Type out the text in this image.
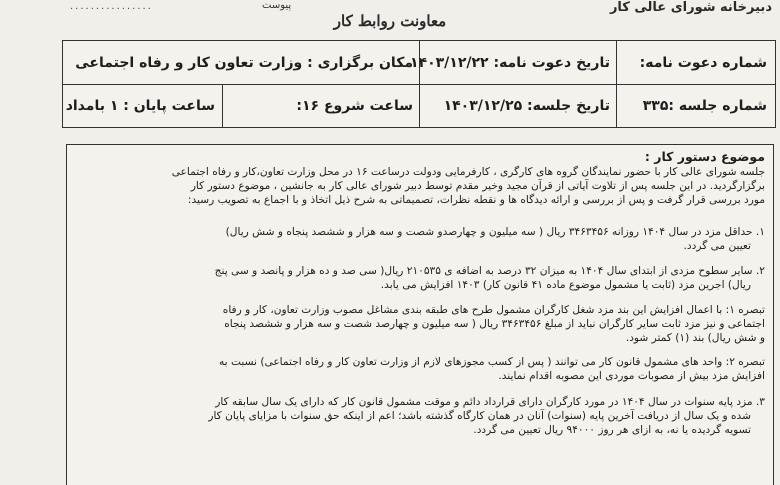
دبیرخانه شورای عالی کار
پیوست
................
معاونت روابط کار
شماره دعوت نامه:
تاریخ دعوت نامه: ۱۴۰۳/۱۲/۲۲
مکان برگزاری : وزارت تعاون کار و رفاه اجتماعی
شماره جلسه :۳۳۵
تاریخ جلسه: ۱۴۰۳/۱۲/۲۵
ساعت شروع ۱۶:
ساعت پایان : ۱ بامداد
موضوع دستور کار :
جلسه شورای عالی کار با حضور نمایندگان گروه های کارگری ، کارفرمایی ودولت درساعت ۱۶ در محل وزارت تعاون،کار و رفاه اجتماعی
برگزارگردید. در این جلسه پس از تلاوت آیاتی از قرآن مجید وخیر مقدم توسط دبیر شورای عالی کار به جانشین ، موضوع دستور کار
مورد بررسی قرار گرفت و پس از بررسی و ارائه دیدگاه ها و نقطه نظرات، تصمیماتی به شرح ذیل اتخاذ و با اجماع به تصویب رسید:
۱. حداقل مزد در سال ۱۴۰۴ روزانه ۳۴۶۳۴۵۶ ریال ( سه میلیون و چهارصدو شصت و سه هزار و ششصد پنجاه و شش ریال)
تعیین می گردد.
۲. سایر سطوح مزدی از ابتدای سال ۱۴۰۴ به میزان ۳۲ درصد به اضافه ی ۲۱۰۵۳۵ ریال( سی صد و ده هزار و پانصد و سی پنج
ریال) اجرین مزد (ثابت یا مشمول موضوع ماده ۴۱ قانون کار) ۱۴۰۳ افزایش می یابد.
تبصره ۱: با اعمال افزایش این بند مزد شغل کارگران مشمول طرح های طبقه بندی مشاغل مصوب وزارت تعاون، کار و رفاه
اجتماعی و نیز مزد ثابت سایر کارگران نباید از مبلغ ۳۴۶۳۴۵۶ ریال ( سه میلیون و چهارصد شصت و سه هزار و ششصد پنجاه
و شش ریال) بند (۱) کمتر شود.
تبصره ۲: واحد های مشمول قانون کار می توانند ( پس از کسب مجوزهای لازم از وزارت تعاون کار و رفاه اجتماعی) نسبت به
افزایش مزد بیش از مصوبات موردی این مصوبه اقدام نمایند.
۳. مزد پایه سنوات در سال ۱۴۰۴ در مورد کارگران دارای قرارداد دائم و موقت مشمول قانون کار که دارای یک سال سابقه کار
شده و یک سال از دریافت آخرین پایه (سنوات) آنان در همان کارگاه گذشته باشد؛ اعم از اینکه حق سنوات با مزایای پایان کار
تسویه گردیده یا نه، به ازای هر روز ۹۴۰۰۰ ریال تعیین می گردد.
